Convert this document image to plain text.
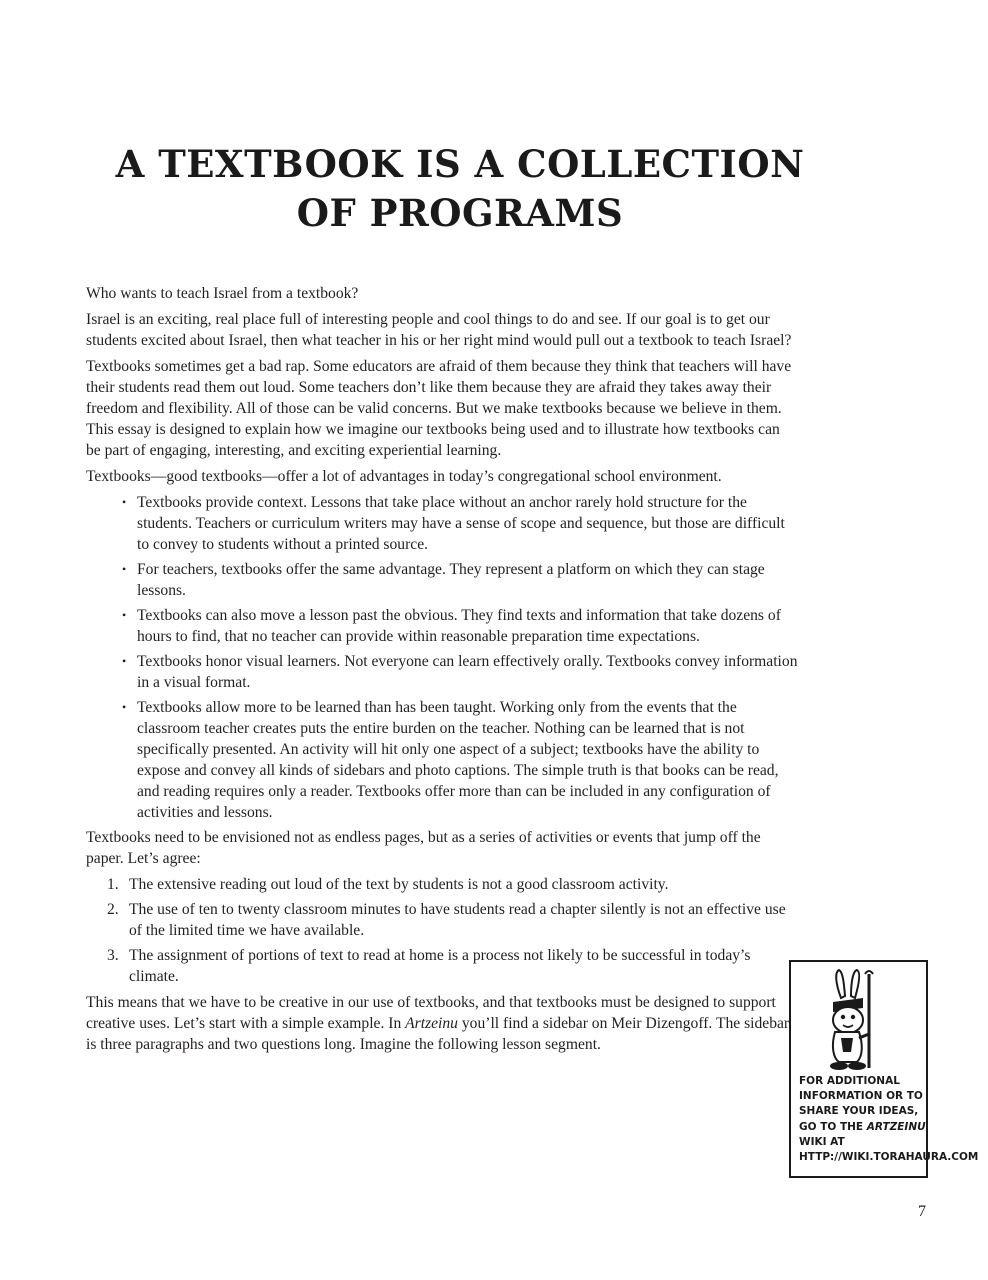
A TEXTBOOK IS A COLLECTION
OF PROGRAMS

Who wants to teach Israel from a textbook?

Israel is an exciting, real place full of interesting people and cool things to do and see. If our goal is to get our students excited about Israel, then what teacher in his or her right mind would pull out a textbook to teach Israel?

Textbooks sometimes get a bad rap. Some educators are afraid of them because they think that teachers will have their students read them out loud. Some teachers don’t like them because they are afraid they takes away their freedom and flexibility. All of those can be valid concerns. But we make textbooks because we believe in them. This essay is designed to explain how we imagine our textbooks being used and to illustrate how textbooks can be part of engaging, interesting, and exciting experiential learning.

Textbooks—good textbooks—offer a lot of advantages in today’s congregational school environment.

• Textbooks provide context. Lessons that take place without an anchor rarely hold structure for the students. Teachers or curriculum writers may have a sense of scope and sequence, but those are difficult to convey to students without a printed source.
• For teachers, textbooks offer the same advantage. They represent a platform on which they can stage lessons.
• Textbooks can also move a lesson past the obvious. They find texts and information that take dozens of hours to find, that no teacher can provide within reasonable preparation time expectations.
• Textbooks honor visual learners. Not everyone can learn effectively orally. Textbooks convey information in a visual format.
• Textbooks allow more to be learned than has been taught. Working only from the events that the classroom teacher creates puts the entire burden on the teacher. Nothing can be learned that is not specifically presented. An activity will hit only one aspect of a subject; textbooks have the ability to expose and convey all kinds of sidebars and photo captions. The simple truth is that books can be read, and reading requires only a reader. Textbooks offer more than can be included in any configuration of activities and lessons.

Textbooks need to be envisioned not as endless pages, but as a series of activities or events that jump off the paper. Let’s agree:

1. The extensive reading out loud of the text by students is not a good classroom activity.
2. The use of ten to twenty classroom minutes to have students read a chapter silently is not an effective use of the limited time we have available.
3. The assignment of portions of text to read at home is a process not likely to be successful in today’s climate.

This means that we have to be creative in our use of textbooks, and that textbooks must be designed to support creative uses. Let’s start with a simple example. In Artzeinu you’ll find a sidebar on Meir Dizengoff. The sidebar is three paragraphs and two questions long. Imagine the following lesson segment.

FOR ADDITIONAL INFORMATION OR TO SHARE YOUR IDEAS, GO TO THE ARTZEINU WIKI AT HTTP://WIKI.TORAHAURA.COM
7
